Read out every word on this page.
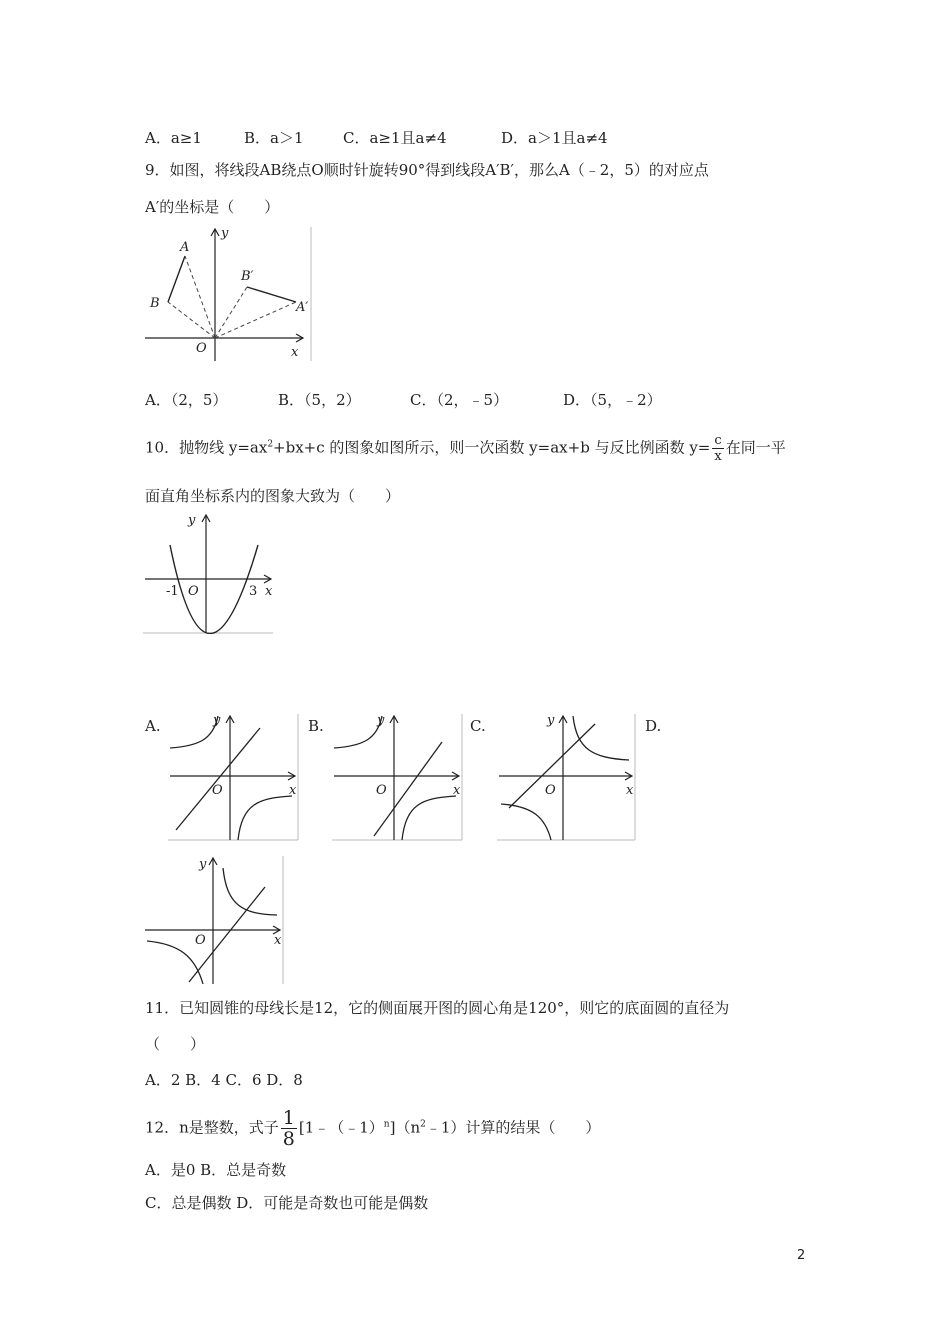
A．a≥1	B．a＞1	C．a≥1且a≠4	D．a＞1且a≠4
9．如图，将线段AB绕点O顺时针旋转90°得到线段A′B′，那么A（﹣2，5）的对应点
A′的坐标是（　　）
A
B
B′
A′
O	x
y
A．（2，5）	B．（5，2）	C．（2，﹣5）	D．（5，﹣2）
10．抛物线 $y=ax^2+bx+c$ 的图象如图所示，则一次函数 y=ax+b 与反比例函数 $y= \frac{c}{x}$ 在同一平
面直角坐标系内的图象大致为（　　）
y
x
O
-1	3
A.	B.	C.	D.
y
x
O
y
x
O
y
x
O
y
x
O
11．已知圆锥的母线长是12，它的侧面展开图的圆心角是120°，则它的底面圆的直径为
（　　）
A．2 B．4 C．6 D．8
12．n是整数，式子 $\frac{1}{8}$ $[1﹣(﹣1)^n](n^2﹣1)$计算的结果（　　）
A．是0 B．总是奇数
C．总是偶数 D．可能是奇数也可能是偶数
2
